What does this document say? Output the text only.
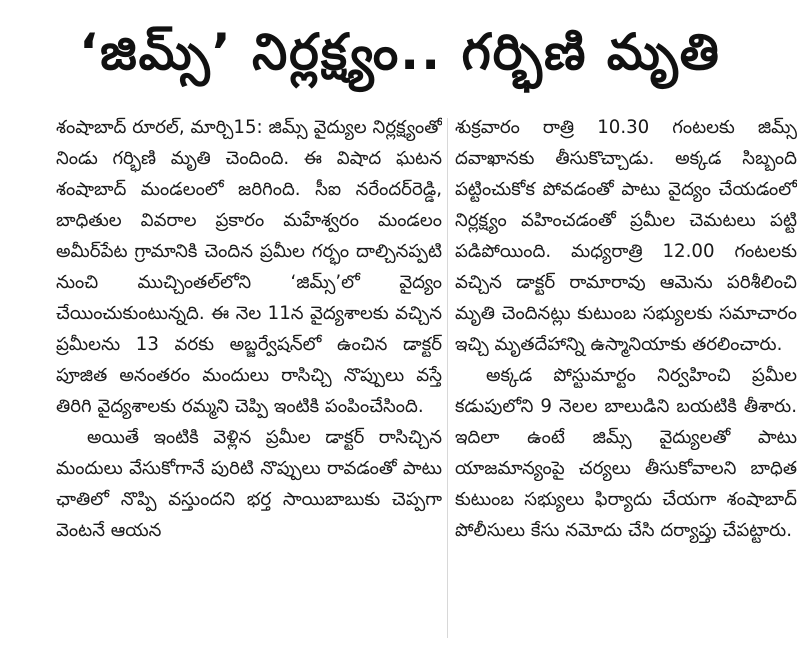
‘జిమ్స్’ నిర్లక్ష్యం.. గర్భిణి మృతి

శంషాబాద్ రూరల్, మార్చి15: జిమ్స్ వైద్యుల నిర్లక్ష్యంతో నిండు గర్భిణి మృతి చెందింది. ఈ విషాద ఘటన శంషాబాద్ మండలంలో జరిగింది. సీఐ నరేందర్‌రెడ్డి, బాధితుల వివరాల ప్రకారం మహేశ్వరం మండలం అమీర్‌పేట గ్రామానికి చెందిన ప్రమీల గర్భం దాల్చినప్పటి నుంచి ముచ్చింతల్‌లోని ‘జిమ్స్’లో వైద్యం చేయించుకుంటున్నది. ఈ నెల 11న వైద్యశాలకు వచ్చిన ప్రమీలను 13 వరకు అబ్జర్వేషన్‌లో ఉంచిన డాక్టర్ పూజిత అనంతరం మందులు రాసిచ్చి నొప్పులు వస్తే తిరిగి వైద్యశాలకు రమ్మని చెప్పి ఇంటికి పంపించేసింది.

అయితే ఇంటికి వెళ్లిన ప్రమీల డాక్టర్ రాసిచ్చిన మందులు వేసుకోగానే పురిటి నొప్పులు రావడంతో పాటు ఛాతిలో నొప్పి వస్తుందని భర్త సాయిబాబుకు చెప్పగా వెంటనే ఆయన

శుక్రవారం రాత్రి 10.30 గంటలకు జిమ్స్ దవాఖానకు తీసుకొచ్చాడు. అక్కడ సిబ్బంది పట్టించుకోక పోవడంతో పాటు వైద్యం చేయడంలో నిర్లక్ష్యం వహించడంతో ప్రమీల చెమటలు పట్టి పడిపోయింది. మధ్యరాత్రి 12.00 గంటలకు వచ్చిన డాక్టర్ రామారావు ఆమెను పరిశీలించి మృతి చెందినట్లు కుటుంబ సభ్యులకు సమాచారం ఇచ్చి మృతదేహాన్ని ఉస్మానియాకు తరలించారు.

అక్కడ పోస్టుమార్టం నిర్వహించి ప్రమీల కడుపులోని 9 నెలల బాలుడిని బయటికి తీశారు. ఇదిలా ఉంటే జిమ్స్ వైద్యులతో పాటు యాజమాన్యంపై చర్యలు తీసుకోవాలని బాధిత కుటుంబ సభ్యులు ఫిర్యాదు చేయగా శంషాబాద్ పోలీసులు కేసు నమోదు చేసి దర్యాప్తు చేపట్టారు.
